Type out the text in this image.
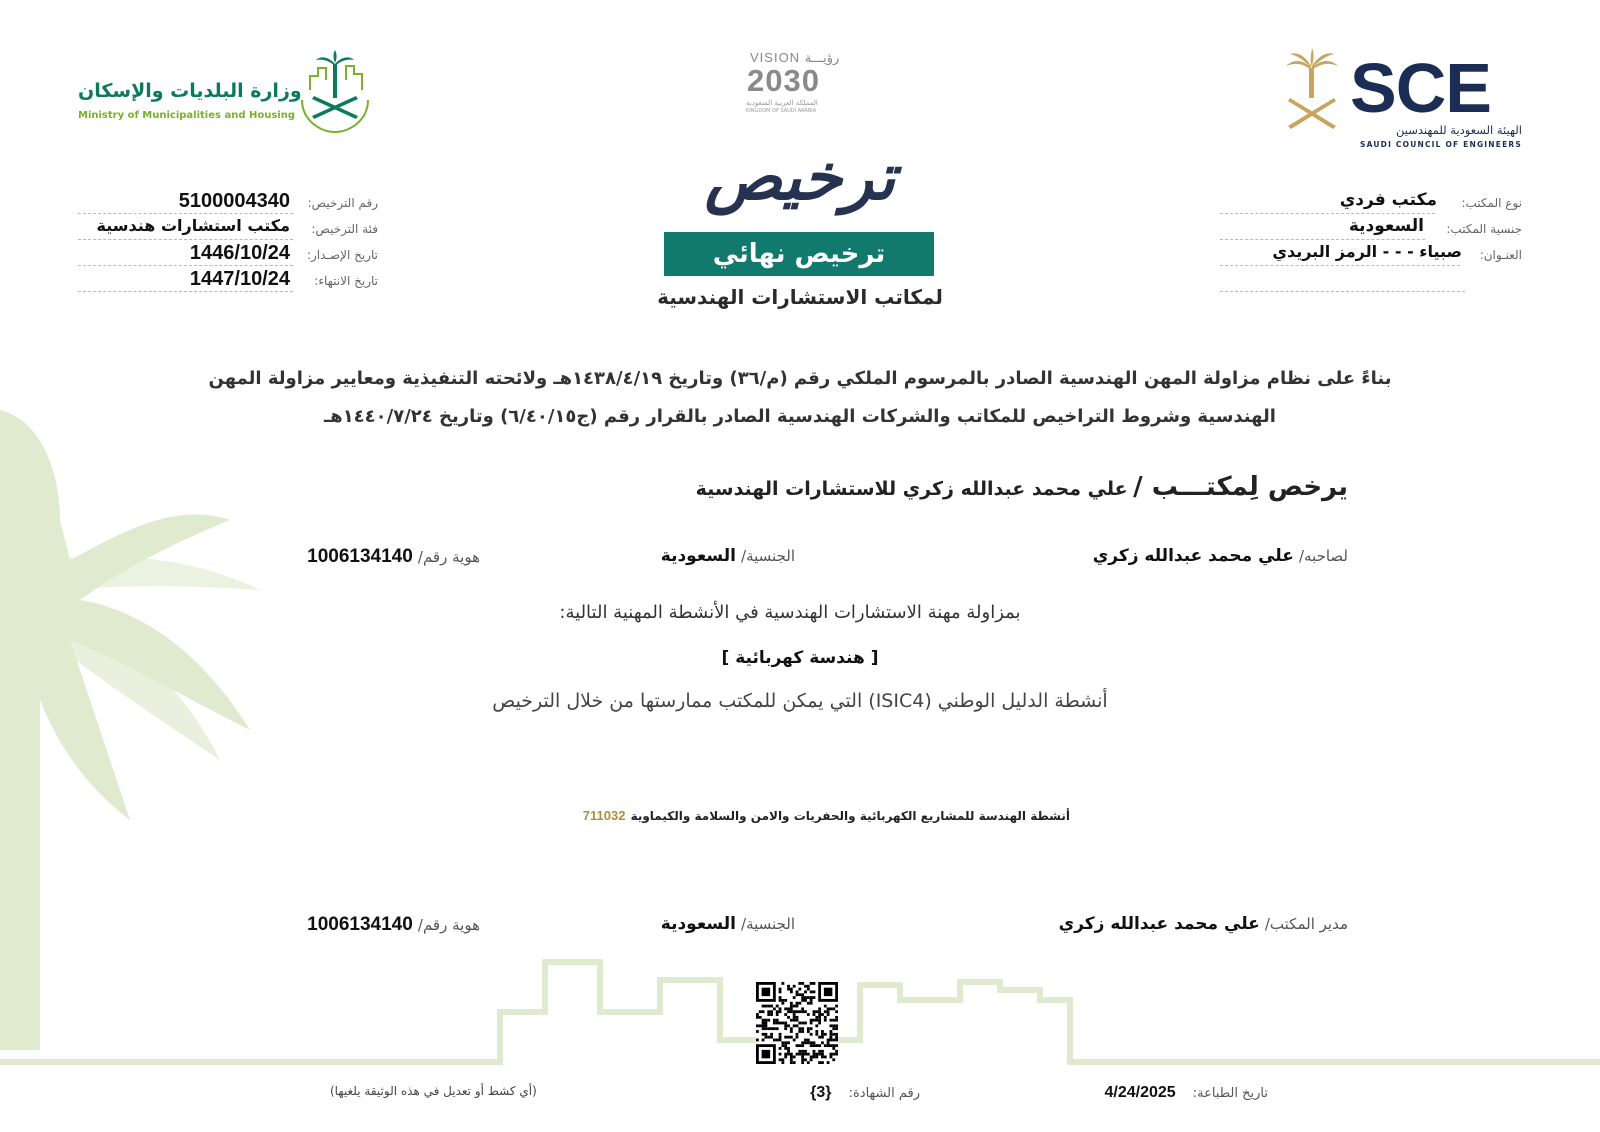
SCE
الهيئة السعودية للمهندسين
SAUDI COUNCIL OF ENGINEERS
VISION رؤيـــة
2030
المملكة العربية السعودية
KINGDOM OF SAUDI ARABIA
وزارة البلديات والإسكان
Ministry of Municipalities and Housing
ترخيص
ترخيص نهائي
لمكاتب الاستشارات الهندسية
نوع المكتب:
مكتب فردي
جنسية المكتب:
السعودية
العنـوان:
صبياء - - - الرمز البريدي
رقم الترخيص:
5100004340
فئة الترخيص:
مكتب استشارات هندسية
تاريخ الإصـدار:
1446/10/24
تاريخ الانتهاء:
1447/10/24
بناءً على نظام مزاولة المهن الهندسية الصادر بالمرسوم الملكي رقم (م/٣٦) وتاريخ ١٤٣٨/٤/١٩هـ ولائحته التنفيذية ومعايير مزاولة المهن
الهندسية وشروط التراخيص للمكاتب والشركات الهندسية الصادر بالقرار رقم (ج٦/٤٠/١٥) وتاريخ ١٤٤٠/٧/٢٤هـ
يرخص لِمكتـــب / علي محمد عبدالله زكري للاستشارات الهندسية
لصاحبه/ علي محمد عبدالله زكري
الجنسية/ السعودية
هوية رقم/ 1006134140
بمزاولة مهنة الاستشارات الهندسية في الأنشطة المهنية التالية:
[ هندسة كهربائية ]
أنشطة الدليل الوطني (ISIC4) التي يمكن للمكتب ممارستها من خلال الترخيص
أنشطة الهندسة للمشاريع الكهربائية والحفريات والامن والسلامة والكيماوية 711032
مدير المكتب/ علي محمد عبدالله زكري
الجنسية/ السعودية
هوية رقم/ 1006134140
تاريخ الطباعة: 4/24/2025
رقم الشهادة: {3}
(أي كشط أو تعديل في هذه الوثيقة يلغيها)
